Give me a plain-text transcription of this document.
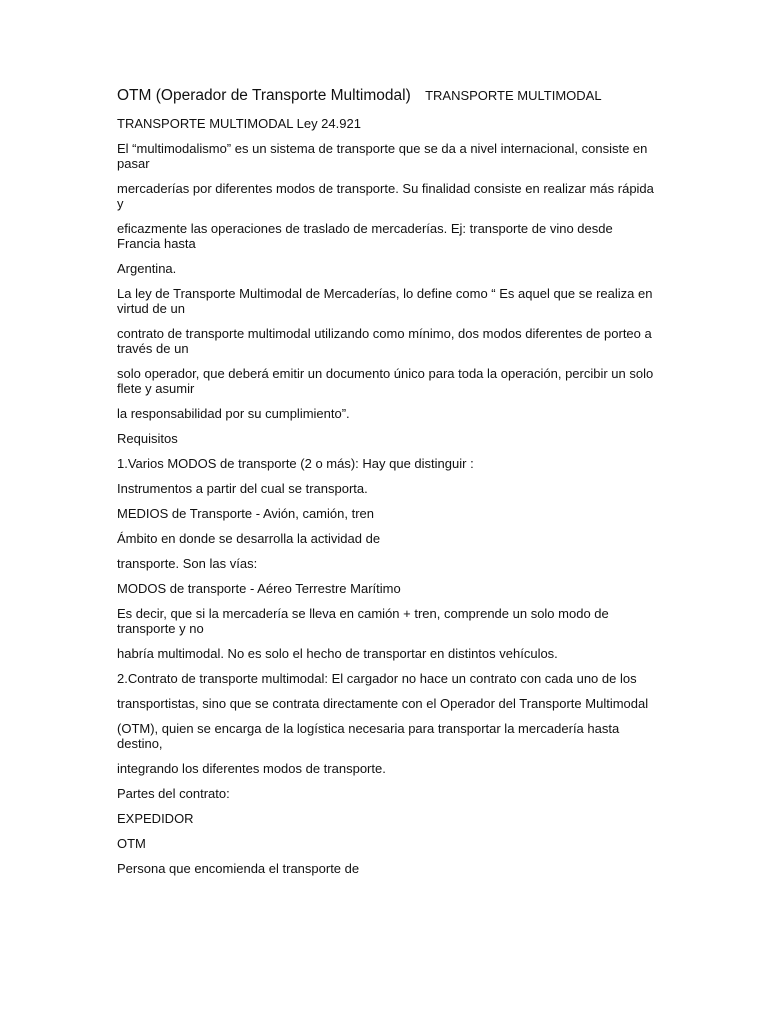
OTM (Operador de Transporte Multimodal) TRANSPORTE MULTIMODAL

TRANSPORTE MULTIMODAL Ley 24.921

El “multimodalismo” es un sistema de transporte que se da a nivel internacional, consiste en pasar

mercaderías por diferentes modos de transporte. Su finalidad consiste en realizar más rápida y

eficazmente las operaciones de traslado de mercaderías. Ej: transporte de vino desde Francia hasta

Argentina.

La ley de Transporte Multimodal de Mercaderías, lo define como “ Es aquel que se realiza en virtud de un

contrato de transporte multimodal utilizando como mínimo, dos modos diferentes de porteo a través de un

solo operador, que deberá emitir un documento único para toda la operación, percibir un solo flete y asumir

la responsabilidad por su cumplimiento”.

Requisitos

1.Varios MODOS de transporte (2 o más): Hay que distinguir :

Instrumentos a partir del cual se transporta.

MEDIOS de Transporte - Avión, camión, tren

Ámbito en donde se desarrolla la actividad de

transporte. Son las vías:

MODOS de transporte - Aéreo Terrestre Marítimo

Es decir, que si la mercadería se lleva en camión + tren, comprende un solo modo de transporte y no

habría multimodal. No es solo el hecho de transportar en distintos vehículos.

2.Contrato de transporte multimodal: El cargador no hace un contrato con cada uno de los

transportistas, sino que se contrata directamente con el Operador del Transporte Multimodal

(OTM), quien se encarga de la logística necesaria para transportar la mercadería hasta destino,

integrando los diferentes modos de transporte.

Partes del contrato:

EXPEDIDOR

OTM

Persona que encomienda el transporte de
